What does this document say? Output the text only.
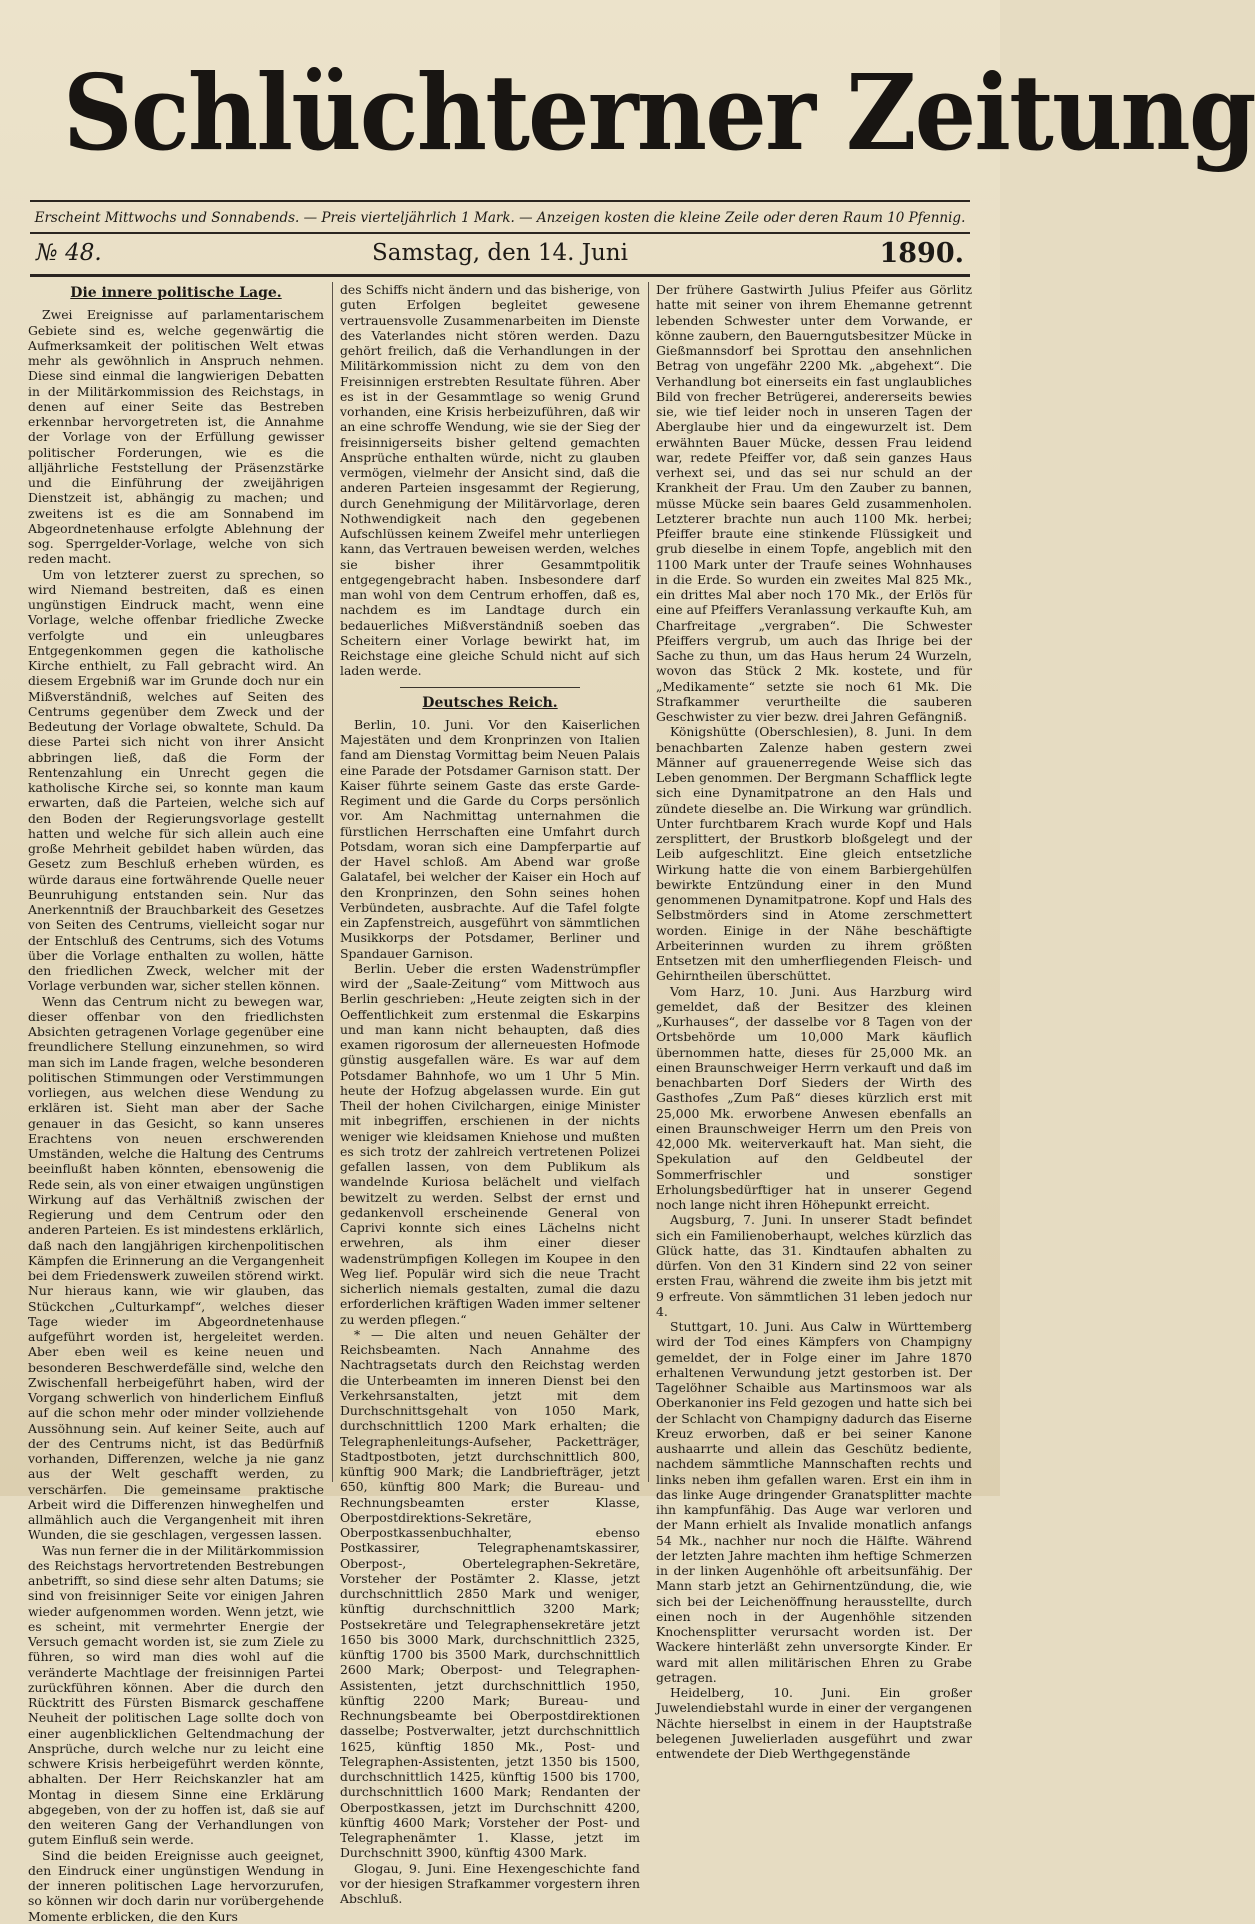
Schlüchterner Zeitung
Erscheint Mittwochs und Sonnabends. — Preis vierteljährlich 1 Mark. — Anzeigen kosten die kleine Zeile oder deren Raum 10 Pfennig.
№ 48.	Samstag, den 14. Juni	1890.
Die innere politische Lage.

Zwei Ereignisse auf parlamentarischem Gebiete sind es, welche gegenwärtig die Aufmerksamkeit der politischen Welt etwas mehr als gewöhnlich in Anspruch nehmen. Diese sind einmal die langwierigen Debatten in der Militärkommission des Reichstags, in denen auf einer Seite das Bestreben erkennbar hervorgetreten ist, die Annahme der Vorlage von der Erfüllung gewisser politischer Forderungen, wie es die alljährliche Feststellung der Präsenzstärke und die Einführung der zweijährigen Dienstzeit ist, abhängig zu machen; und zweitens ist es die am Sonnabend im Abgeordnetenhause erfolgte Ablehnung der sog. Sperrgelder-Vorlage, welche von sich reden macht.

Um von letzterer zuerst zu sprechen, so wird Niemand bestreiten, daß es einen ungünstigen Eindruck macht, wenn eine Vorlage, welche offenbar friedliche Zwecke verfolgte und ein unleugbares Entgegenkommen gegen die katholische Kirche enthielt, zu Fall gebracht wird. An diesem Ergebniß war im Grunde doch nur ein Mißverständniß, welches auf Seiten des Centrums gegenüber dem Zweck und der Bedeutung der Vorlage obwaltete, Schuld. Da diese Partei sich nicht von ihrer Ansicht abbringen ließ, daß die Form der Rentenzahlung ein Unrecht gegen die katholische Kirche sei, so konnte man kaum erwarten, daß die Parteien, welche sich auf den Boden der Regierungsvorlage gestellt hatten und welche für sich allein auch eine große Mehrheit gebildet haben würden, das Gesetz zum Beschluß erheben würden, es würde daraus eine fortwährende Quelle neuer Beunruhigung entstanden sein. Nur das Anerkenntniß der Brauchbarkeit des Gesetzes von Seiten des Centrums, vielleicht sogar nur der Entschluß des Centrums, sich des Votums über die Vorlage enthalten zu wollen, hätte den friedlichen Zweck, welcher mit der Vorlage verbunden war, sicher stellen können.

Wenn das Centrum nicht zu bewegen war, dieser offenbar von den friedlichsten Absichten getragenen Vorlage gegenüber eine freundlichere Stellung einzunehmen, so wird man sich im Lande fragen, welche besonderen politischen Stimmungen oder Verstimmungen vorliegen, aus welchen diese Wendung zu erklären ist. Sieht man aber der Sache genauer in das Gesicht, so kann unseres Erachtens von neuen erschwerenden Umständen, welche die Haltung des Centrums beeinflußt haben könnten, ebensowenig die Rede sein, als von einer etwaigen ungünstigen Wirkung auf das Verhältniß zwischen der Regierung und dem Centrum oder den anderen Parteien. Es ist mindestens erklärlich, daß nach den langjährigen kirchenpolitischen Kämpfen die Erinnerung an die Vergangenheit bei dem Friedenswerk zuweilen störend wirkt. Nur hieraus kann, wie wir glauben, das Stückchen „Culturkampf“, welches dieser Tage wieder im Abgeordnetenhause aufgeführt worden ist, hergeleitet werden. Aber eben weil es keine neuen und besonderen Beschwerdefälle sind, welche den Zwischenfall herbeigeführt haben, wird der Vorgang schwerlich von hinderlichem Einfluß auf die schon mehr oder minder vollziehende Aussöhnung sein. Auf keiner Seite, auch auf der des Centrums nicht, ist das Bedürfniß vorhanden, Differenzen, welche ja nie ganz aus der Welt geschafft werden, zu verschärfen. Die gemeinsame praktische Arbeit wird die Differenzen hinweghelfen und allmählich auch die Vergangenheit mit ihren Wunden, die sie geschlagen, vergessen lassen.

Was nun ferner die in der Militärkommission des Reichstags hervortretenden Bestrebungen anbetrifft, so sind diese sehr alten Datums; sie sind von freisinniger Seite vor einigen Jahren wieder aufgenommen worden. Wenn jetzt, wie es scheint, mit vermehrter Energie der Versuch gemacht worden ist, sie zum Ziele zu führen, so wird man dies wohl auf die veränderte Machtlage der freisinnigen Partei zurückführen können. Aber die durch den Rücktritt des Fürsten Bismarck geschaffene Neuheit der politischen Lage sollte doch von einer augenblicklichen Geltendmachung der Ansprüche, durch welche nur zu leicht eine schwere Krisis herbeigeführt werden könnte, abhalten. Der Herr Reichskanzler hat am Montag in diesem Sinne eine Erklärung abgegeben, von der zu hoffen ist, daß sie auf den weiteren Gang der Verhandlungen von gutem Einfluß sein werde.

Sind die beiden Ereignisse auch geeignet, den Eindruck einer ungünstigen Wendung in der inneren politischen Lage hervorzurufen, so können wir doch darin nur vorübergehende Momente erblicken, die den Kurs

des Schiffs nicht ändern und das bisherige, von guten Erfolgen begleitet gewesene vertrauensvolle Zusammenarbeiten im Dienste des Vaterlandes nicht stören werden. Dazu gehört freilich, daß die Verhandlungen in der Militärkommission nicht zu dem von den Freisinnigen erstrebten Resultate führen. Aber es ist in der Gesammtlage so wenig Grund vorhanden, eine Krisis herbeizuführen, daß wir an eine schroffe Wendung, wie sie der Sieg der freisinnigerseits bisher geltend gemachten Ansprüche enthalten würde, nicht zu glauben vermögen, vielmehr der Ansicht sind, daß die anderen Parteien insgesammt der Regierung, durch Genehmigung der Militärvorlage, deren Nothwendigkeit nach den gegebenen Aufschlüssen keinem Zweifel mehr unterliegen kann, das Vertrauen beweisen werden, welches sie bisher ihrer Gesammtpolitik entgegengebracht haben. Insbesondere darf man wohl von dem Centrum erhoffen, daß es, nachdem es im Landtage durch ein bedauerliches Mißverständniß soeben das Scheitern einer Vorlage bewirkt hat, im Reichstage eine gleiche Schuld nicht auf sich laden werde.

Deutsches Reich.

Berlin, 10. Juni. Vor den Kaiserlichen Majestäten und dem Kronprinzen von Italien fand am Dienstag Vormittag beim Neuen Palais eine Parade der Potsdamer Garnison statt. Der Kaiser führte seinem Gaste das erste Garde-Regiment und die Garde du Corps persönlich vor. Am Nachmittag unternahmen die fürstlichen Herrschaften eine Umfahrt durch Potsdam, woran sich eine Dampferpartie auf der Havel schloß. Am Abend war große Galatafel, bei welcher der Kaiser ein Hoch auf den Kronprinzen, den Sohn seines hohen Verbündeten, ausbrachte. Auf die Tafel folgte ein Zapfenstreich, ausgeführt von sämmtlichen Musikkorps der Potsdamer, Berliner und Spandauer Garnison.

Berlin. Ueber die ersten Wadenstrümpfler wird der „Saale-Zeitung“ vom Mittwoch aus Berlin geschrieben: „Heute zeigten sich in der Oeffentlichkeit zum erstenmal die Eskarpins und man kann nicht behaupten, daß dies examen rigorosum der allerneuesten Hofmode günstig ausgefallen wäre. Es war auf dem Potsdamer Bahnhofe, wo um 1 Uhr 5 Min. heute der Hofzug abgelassen wurde. Ein gut Theil der hohen Civilchargen, einige Minister mit inbegriffen, erschienen in der nichts weniger wie kleidsamen Kniehose und mußten es sich trotz der zahlreich vertretenen Polizei gefallen lassen, von dem Publikum als wandelnde Kuriosa belächelt und vielfach bewitzelt zu werden. Selbst der ernst und gedankenvoll erscheinende General von Caprivi konnte sich eines Lächelns nicht erwehren, als ihm einer dieser wadenstrümpfigen Kollegen im Koupee in den Weg lief. Populär wird sich die neue Tracht sicherlich niemals gestalten, zumal die dazu erforderlichen kräftigen Waden immer seltener zu werden pflegen.“

* — Die alten und neuen Gehälter der Reichsbeamten. Nach Annahme des Nachtragsetats durch den Reichstag werden die Unterbeamten im inneren Dienst bei den Verkehrsanstalten, jetzt mit dem Durchschnittsgehalt von 1050 Mark, durchschnittlich 1200 Mark erhalten; die Telegraphenleitungs-Aufseher, Packetträger, Stadtpostboten, jetzt durchschnittlich 800, künftig 900 Mark; die Landbriefträger, jetzt 650, künftig 800 Mark; die Bureau- und Rechnungsbeamten erster Klasse, Oberpostdirektions-Sekretäre, Oberpostkassenbuchhalter, ebenso Postkassirer, Telegraphenamtskassirer, Oberpost-, Obertelegraphen-Sekretäre, Vorsteher der Postämter 2. Klasse, jetzt durchschnittlich 2850 Mark und weniger, künftig durchschnittlich 3200 Mark; Postsekretäre und Telegraphensekretäre jetzt 1650 bis 3000 Mark, durchschnittlich 2325, künftig 1700 bis 3500 Mark, durchschnittlich 2600 Mark; Oberpost- und Telegraphen-Assistenten, jetzt durchschnittlich 1950, künftig 2200 Mark; Bureau- und Rechnungsbeamte bei Oberpostdirektionen dasselbe; Postverwalter, jetzt durchschnittlich 1625, künftig 1850 Mk., Post- und Telegraphen-Assistenten, jetzt 1350 bis 1500, durchschnittlich 1425, künftig 1500 bis 1700, durchschnittlich 1600 Mark; Rendanten der Oberpostkassen, jetzt im Durchschnitt 4200, künftig 4600 Mark; Vorsteher der Post- und Telegraphenämter 1. Klasse, jetzt im Durchschnitt 3900, künftig 4300 Mark.

Glogau, 9. Juni. Eine Hexengeschichte fand vor der hiesigen Strafkammer vorgestern ihren Abschluß.

Der frühere Gastwirth Julius Pfeifer aus Görlitz hatte mit seiner von ihrem Ehemanne getrennt lebenden Schwester unter dem Vorwande, er könne zaubern, den Bauerngutsbesitzer Mücke in Gießmannsdorf bei Sprottau den ansehnlichen Betrag von ungefähr 2200 Mk. „abgehext“. Die Verhandlung bot einerseits ein fast unglaubliches Bild von frecher Betrügerei, andererseits bewies sie, wie tief leider noch in unseren Tagen der Aberglaube hier und da eingewurzelt ist. Dem erwähnten Bauer Mücke, dessen Frau leidend war, redete Pfeiffer vor, daß sein ganzes Haus verhext sei, und das sei nur schuld an der Krankheit der Frau. Um den Zauber zu bannen, müsse Mücke sein baares Geld zusammenholen. Letzterer brachte nun auch 1100 Mk. herbei; Pfeiffer braute eine stinkende Flüssigkeit und grub dieselbe in einem Topfe, angeblich mit den 1100 Mark unter der Traufe seines Wohnhauses in die Erde. So wurden ein zweites Mal 825 Mk., ein drittes Mal aber noch 170 Mk., der Erlös für eine auf Pfeiffers Veranlassung verkaufte Kuh, am Charfreitage „vergraben“. Die Schwester Pfeiffers vergrub, um auch das Ihrige bei der Sache zu thun, um das Haus herum 24 Wurzeln, wovon das Stück 2 Mk. kostete, und für „Medikamente“ setzte sie noch 61 Mk. Die Strafkammer verurtheilte die sauberen Geschwister zu vier bezw. drei Jahren Gefängniß.

Königshütte (Oberschlesien), 8. Juni. In dem benachbarten Zalenze haben gestern zwei Männer auf grauenerregende Weise sich das Leben genommen. Der Bergmann Schafflick legte sich eine Dynamitpatrone an den Hals und zündete dieselbe an. Die Wirkung war gründlich. Unter furchtbarem Krach wurde Kopf und Hals zersplittert, der Brustkorb bloßgelegt und der Leib aufgeschlitzt. Eine gleich entsetzliche Wirkung hatte die von einem Barbiergehülfen bewirkte Entzündung einer in den Mund genommenen Dynamitpatrone. Kopf und Hals des Selbstmörders sind in Atome zerschmettert worden. Einige in der Nähe beschäftigte Arbeiterinnen wurden zu ihrem größten Entsetzen mit den umherfliegenden Fleisch- und Gehirntheilen überschüttet.

Vom Harz, 10. Juni. Aus Harzburg wird gemeldet, daß der Besitzer des kleinen „Kurhauses“, der dasselbe vor 8 Tagen von der Ortsbehörde um 10,000 Mark käuflich übernommen hatte, dieses für 25,000 Mk. an einen Braunschweiger Herrn verkauft und daß im benachbarten Dorf Sieders der Wirth des Gasthofes „Zum Paß“ dieses kürzlich erst mit 25,000 Mk. erworbene Anwesen ebenfalls an einen Braunschweiger Herrn um den Preis von 42,000 Mk. weiterverkauft hat. Man sieht, die Spekulation auf den Geldbeutel der Sommerfrischler und sonstiger Erholungsbedürftiger hat in unserer Gegend noch lange nicht ihren Höhepunkt erreicht.

Augsburg, 7. Juni. In unserer Stadt befindet sich ein Familienoberhaupt, welches kürzlich das Glück hatte, das 31. Kindtaufen abhalten zu dürfen. Von den 31 Kindern sind 22 von seiner ersten Frau, während die zweite ihm bis jetzt mit 9 erfreute. Von sämmtlichen 31 leben jedoch nur 4.

Stuttgart, 10. Juni. Aus Calw in Württemberg wird der Tod eines Kämpfers von Champigny gemeldet, der in Folge einer im Jahre 1870 erhaltenen Verwundung jetzt gestorben ist. Der Tagelöhner Schaible aus Martinsmoos war als Oberkanonier ins Feld gezogen und hatte sich bei der Schlacht von Champigny dadurch das Eiserne Kreuz erworben, daß er bei seiner Kanone aushaarrte und allein das Geschütz bediente, nachdem sämmtliche Mannschaften rechts und links neben ihm gefallen waren. Erst ein ihm in das linke Auge dringender Granatsplitter machte ihn kampfunfähig. Das Auge war verloren und der Mann erhielt als Invalide monatlich anfangs 54 Mk., nachher nur noch die Hälfte. Während der letzten Jahre machten ihm heftige Schmerzen in der linken Augenhöhle oft arbeitsunfähig. Der Mann starb jetzt an Gehirnentzündung, die, wie sich bei der Leichenöffnung herausstellte, durch einen noch in der Augenhöhle sitzenden Knochensplitter verursacht worden ist. Der Wackere hinterläßt zehn unversorgte Kinder. Er ward mit allen militärischen Ehren zu Grabe getragen.

Heidelberg, 10. Juni. Ein großer Juwelendiebstahl wurde in einer der vergangenen Nächte hierselbst in einem in der Hauptstraße belegenen Juwelierladen ausgeführt und zwar entwendete der Dieb Werthgegenstände
